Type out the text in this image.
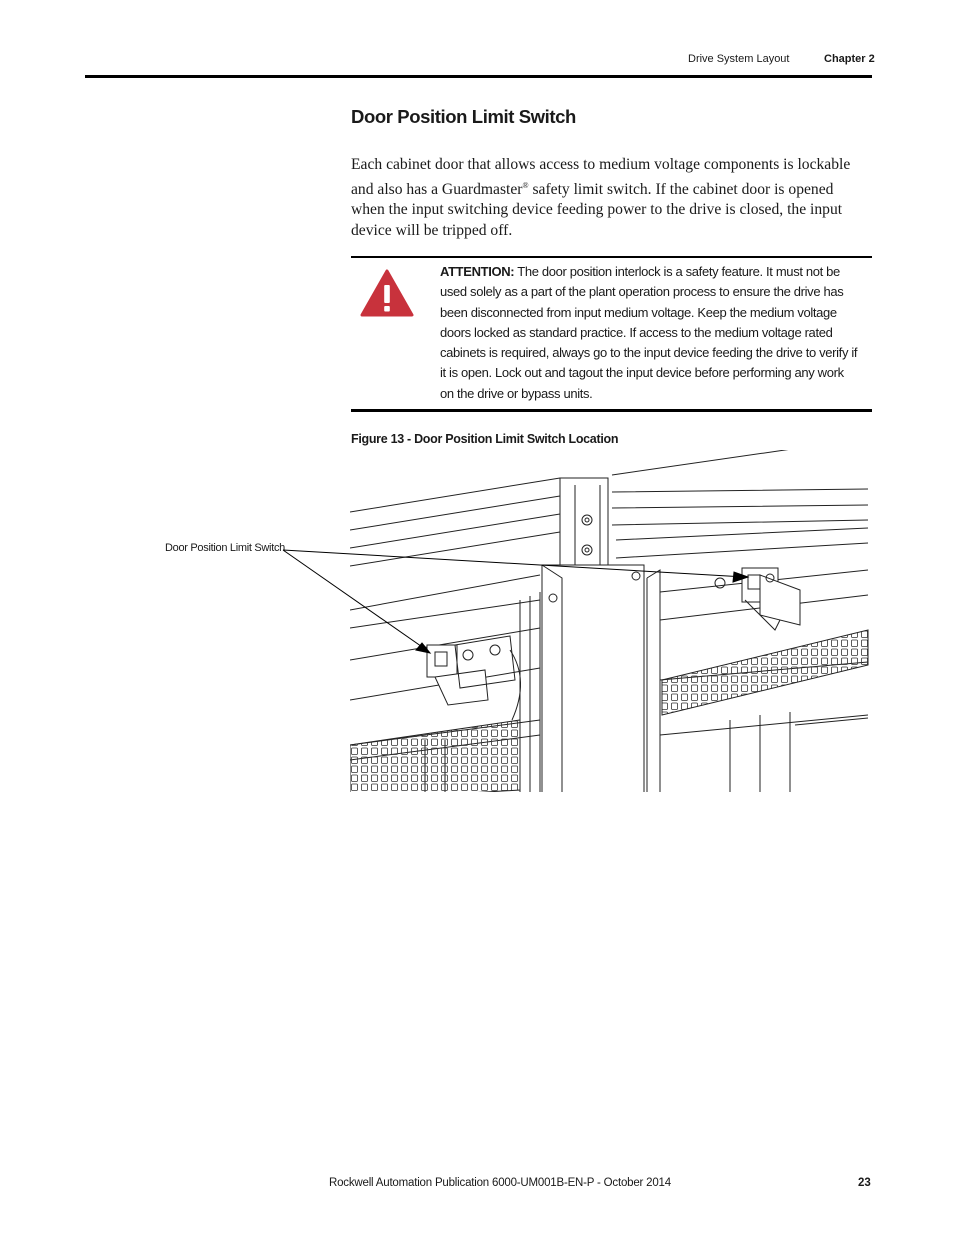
Drive System Layout	Chapter 2
Door Position Limit Switch

Each cabinet door that allows access to medium voltage components is lockable and also has a Guardmaster® safety limit switch. If the cabinet door is opened when the input switching device feeding power to the drive is closed, the input device will be tripped off.

ATTENTION: The door position interlock is a safety feature. It must not be used solely as a part of the plant operation process to ensure the drive has been disconnected from input medium voltage. Keep the medium voltage doors locked as standard practice. If access to the medium voltage rated cabinets is required, always go to the input device feeding the drive to verify if it is open. Lock out and tagout the input device before performing any work on the drive or bypass units.

Figure 13 - Door Position Limit Switch Location

Door Position Limit Switch
Rockwell Automation Publication 6000-UM001B-EN-P - October 2014	23
